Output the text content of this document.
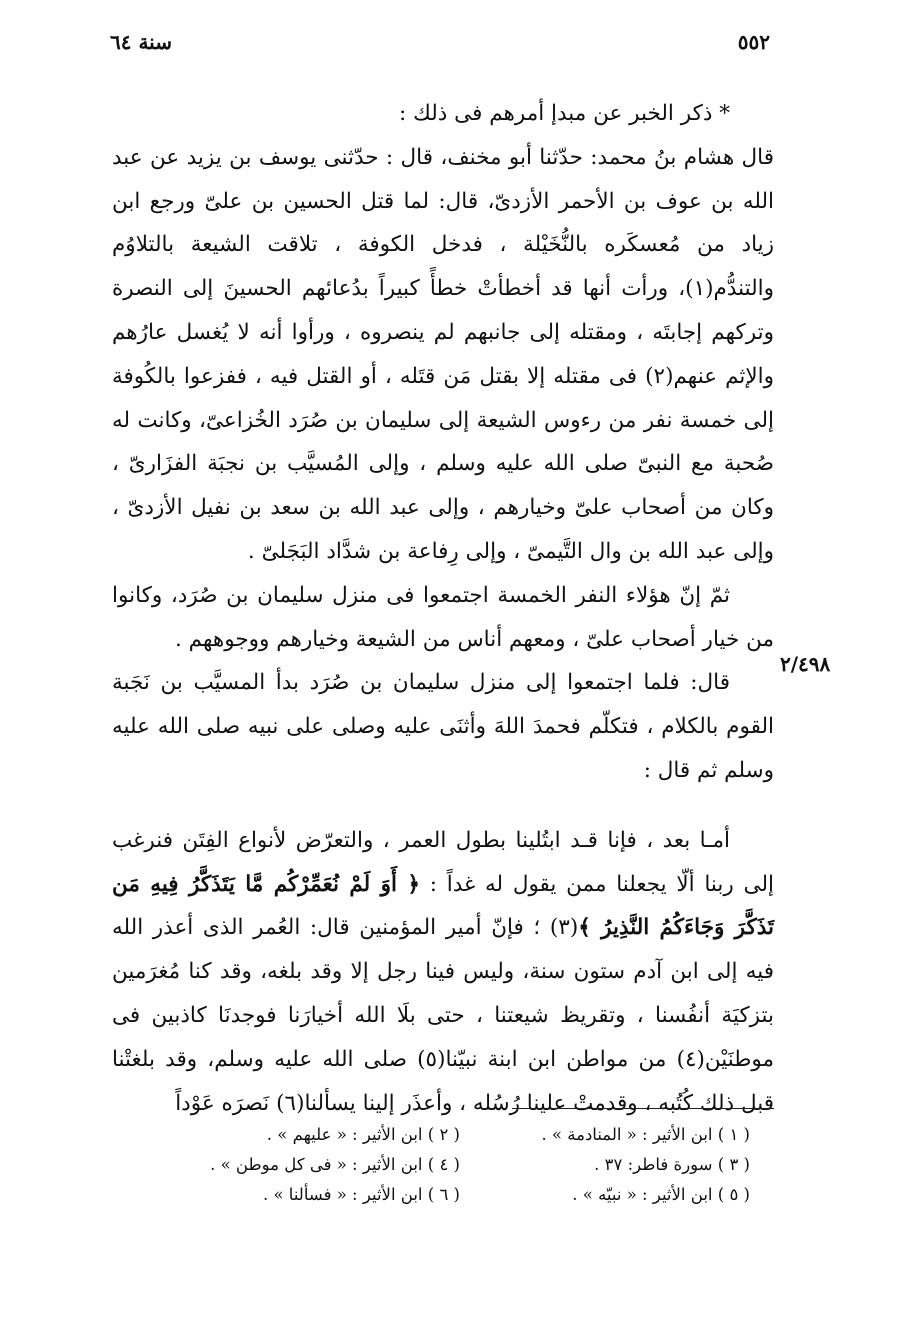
٥٥٢
سنة ٦٤
٢/٤٩٨

* ذكر الخبر عن مبدإ أمرهم فى ذلك :

قال هشام بنُ محمد: حدّثنا أبو مخنف، قال : حدّثنى يوسف بن يزيد عن عبد الله بن عوف بن الأحمر الأزدىّ، قال: لما قتل الحسين بن علىّ ورجع ابن زياد من مُعسكَره بالنُّخَيْلة ، فدخل الكوفة ، تلاقت الشيعة بالتلاوُم والتندُّم(١)، ورأت أنها قد أخطأتْ خطأً كبيراً بدُعائهم الحسينَ إلى النصرة وتركهم إجابتَه ، ومقتله إلى جانبهم لم ينصروه ، ورأوا أنه لا يُغسل عارُهم والإثم عنهم(٢) فى مقتله إلا بقتل مَن قتَله ، أو القتل فيه ، ففزعوا بالكُوفة إلى خمسة نفر من رءوس الشيعة إلى سليمان بن صُرَد الخُزاعىّ، وكانت له صُحبة مع النبىّ صلى الله عليه وسلم ، وإلى المُسيَّب بن نجبَة الفزَارىّ ، وكان من أصحاب علىّ وخيارهم ، وإلى عبد الله بن سعد بن نفيل الأزدىّ ، وإلى عبد الله بن وال التَّيمىّ ، وإلى رِفاعة بن شدَّاد البَجَلىّ .

ثمّ إنّ هؤلاء النفر الخمسة اجتمعوا فى منزل سليمان بن صُرَد، وكانوا من خيار أصحاب علىّ ، ومعهم أناس من الشيعة وخيارهم ووجوههم .

قال: فلما اجتمعوا إلى منزل سليمان بن صُرَد بدأ المسيَّب بن نَجَبة القوم بالكلام ، فتكلّم فحمدَ اللهَ وأثنَى عليه وصلى على نبيه صلى الله عليه وسلم ثم قال :

أمـا بعد ، فإنا قـد ابتُلينا بطول العمر ، والتعرّض لأنواع الفِتَن فنرغب إلى ربنا ألّا يجعلنا ممن يقول له غداً : ﴿ أَوَ لَمْ نُعَمِّرْكُم مَّا يَتَذَكَّرُ فِيهِ مَن تَذَكَّرَ وَجَاءَكُمُ النَّذِيرُ ﴾(٣) ؛ فإنّ أمير المؤمنين قال: العُمر الذى أعذر الله فيه إلى ابن آدم ستون سنة، وليس فينا رجل إلا وقد بلغه، وقد كنا مُغرَمين بتزكيَة أنفُسنا ، وتقريظ شيعتنا ، حتى بلَا الله أخيارَنا فوجدنَا كاذبين فى موطنَيْن(٤) من مواطن ابن ابنة نبيّنا(٥) صلى الله عليه وسلم، وقد بلغتْنا قبل ذلك كُتُبه ، وقدمتْ علينا رُسُله ، وأعذَر إلينا يسألنا(٦) نَصرَه عَوْداً

( ١ ) ابن الأثير : « المنادمة » .
( ٢ ) ابن الأثير : « عليهم » .
( ٣ ) سورة فاطر: ٣٧ .
( ٤ ) ابن الأثير : « فى كل موطن » .
( ٥ ) ابن الأثير : « نبيّه » .
( ٦ ) ابن الأثير : « فسألنا » .
